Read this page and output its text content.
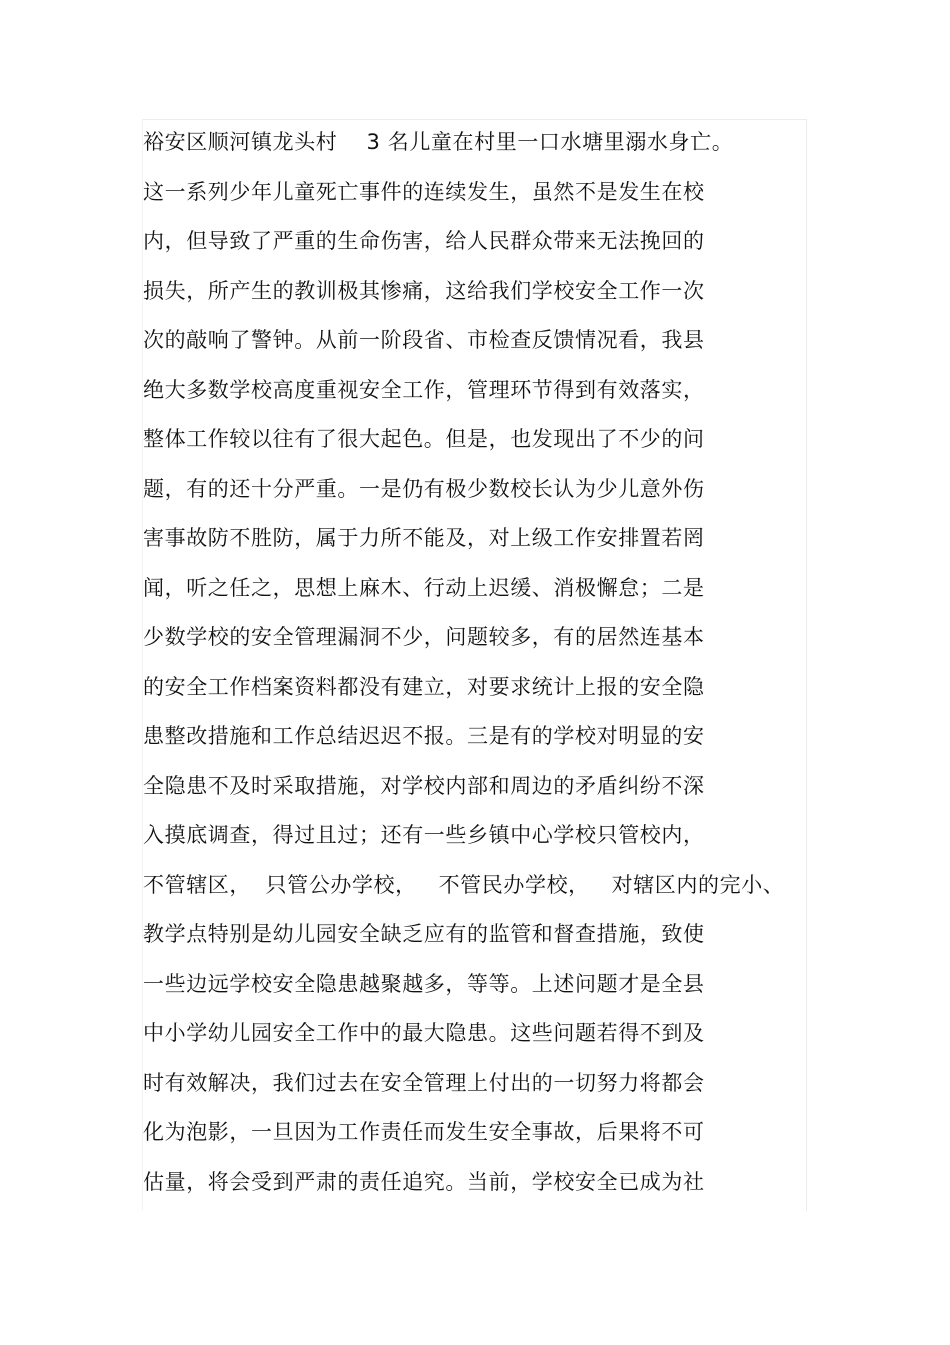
裕安区顺河镇龙头村    3 名儿童在村里一口水塘里溺水身亡。
这一系列少年儿童死亡事件的连续发生，虽然不是发生在校
内，但导致了严重的生命伤害，给人民群众带来无法挽回的
损失，所产生的教训极其惨痛，这给我们学校安全工作一次
次的敲响了警钟。从前一阶段省、市检查反馈情况看，我县
绝大多数学校高度重视安全工作，管理环节得到有效落实，
整体工作较以往有了很大起色。但是，也发现出了不少的问
题，有的还十分严重。一是仍有极少数校长认为少儿意外伤
害事故防不胜防，属于力所不能及，对上级工作安排置若罔
闻，听之任之，思想上麻木、行动上迟缓、消极懈怠；二是
少数学校的安全管理漏洞不少，问题较多，有的居然连基本
的安全工作档案资料都没有建立，对要求统计上报的安全隐
患整改措施和工作总结迟迟不报。三是有的学校对明显的安
全隐患不及时采取措施，对学校内部和周边的矛盾纠纷不深
入摸底调查，得过且过；还有一些乡镇中心学校只管校内，
不管辖区，  只管公办学校，   不管民办学校，   对辖区内的完小、
教学点特别是幼儿园安全缺乏应有的监管和督查措施，致使
一些边远学校安全隐患越聚越多，等等。上述问题才是全县
中小学幼儿园安全工作中的最大隐患。这些问题若得不到及
时有效解决，我们过去在安全管理上付出的一切努力将都会
化为泡影，一旦因为工作责任而发生安全事故，后果将不可
估量，将会受到严肃的责任追究。当前，学校安全已成为社
